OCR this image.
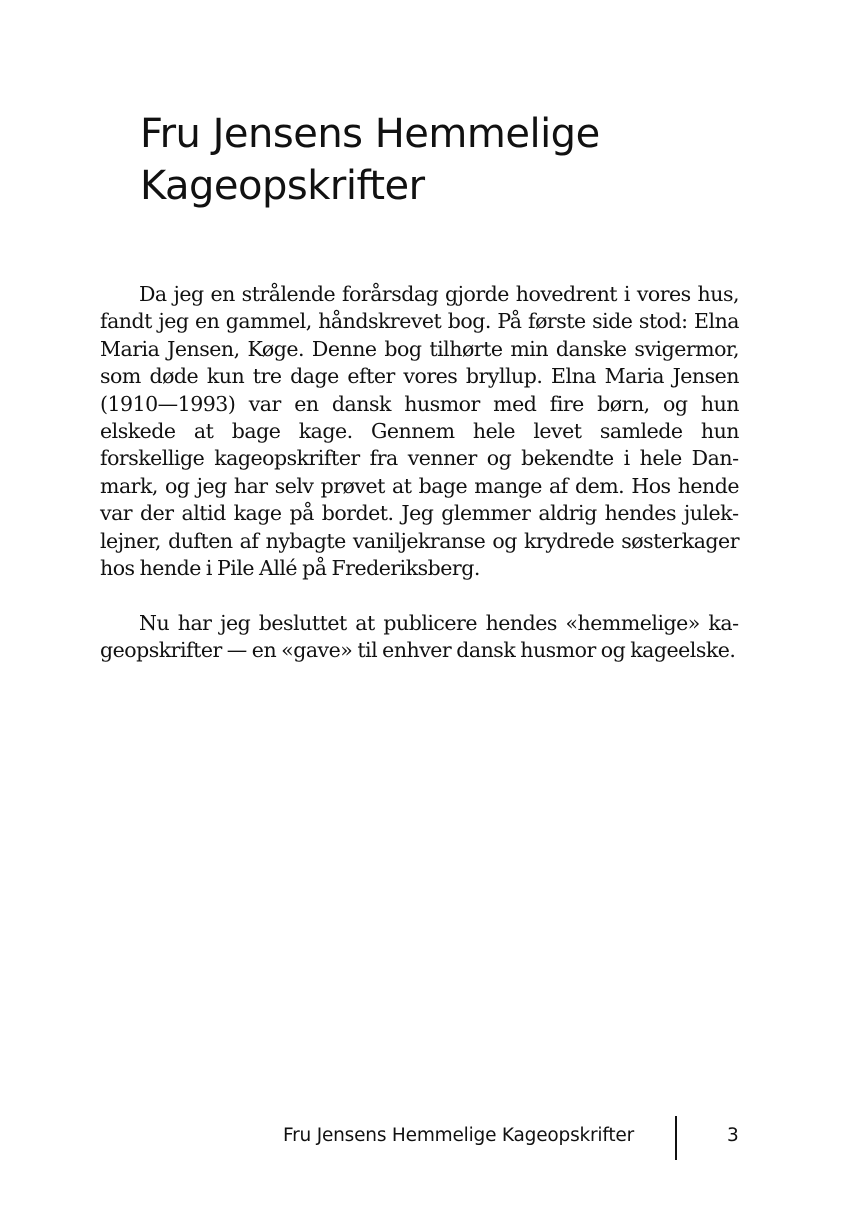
Fru Jensens Hemmelige Kageopskrifter

Da jeg en strålende forårsdag gjorde hovedrent i vores hus, fandt jeg en gammel, håndskrevet bog. På første side stod: Elna Maria Jensen, Køge. Denne bog tilhørte min danske svigermor, som døde kun tre dage efter vores bryllup. Elna Maria Jensen (1910—1993) var en dansk husmor med fire børn, og hun elskede at bage kage. Gennem hele levet samlede hun forskellige kageopskrifter fra venner og bekendte i hele Danmark, og jeg har selv prøvet at bage mange af dem. Hos hende var der altid kage på bordet. Jeg glemmer aldrig hendes juleklejner, duften af nybagte vaniljekranse og krydrede søsterkager hos hende i Pile Allé på Frederiksberg.

Nu har jeg besluttet at publicere hendes «hemmelige» kageopskrifter — en «gave» til enhver dansk husmor og kageelske.

Fru Jensens Hemmelige Kageopskrifter	3
